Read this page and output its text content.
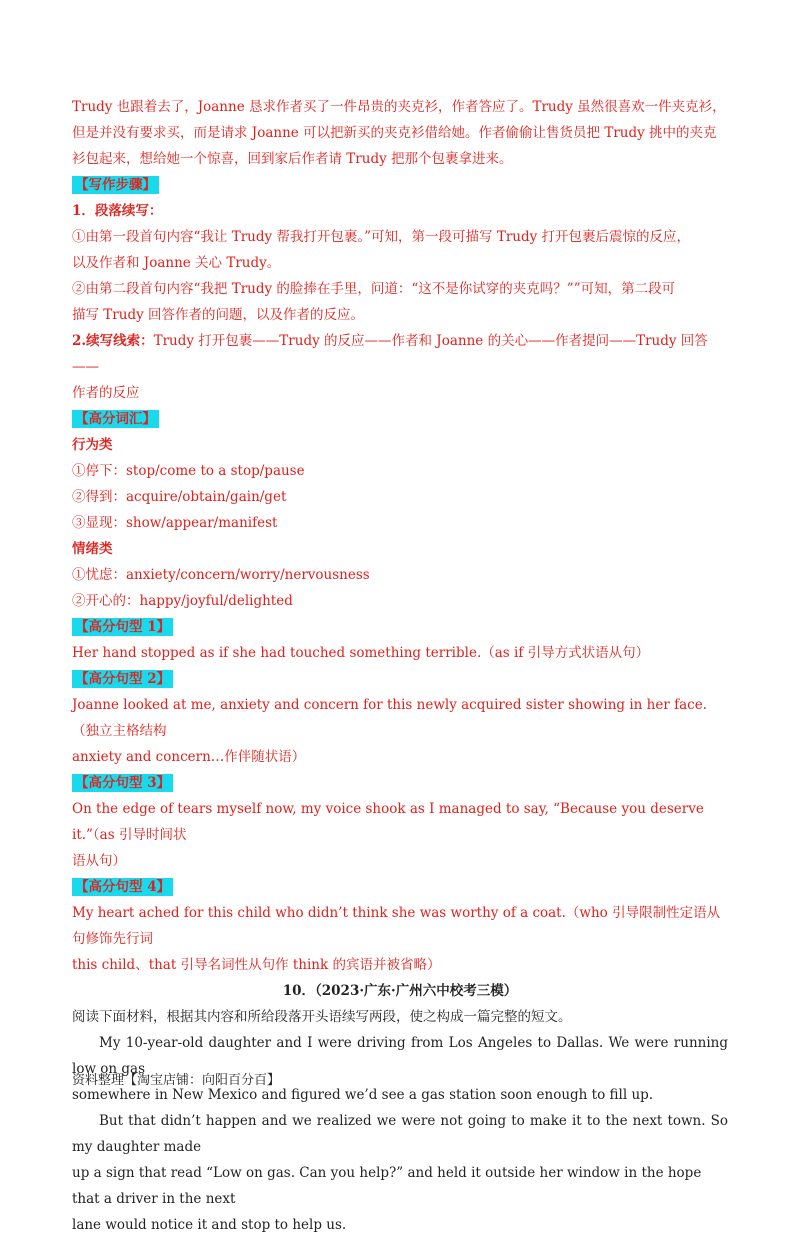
Trudy 也跟着去了，Joanne 恳求作者买了一件昂贵的夹克衫，作者答应了。Trudy 虽然很喜欢一件夹克衫，

但是并没有要求买，而是请求 Joanne 可以把新买的夹克衫借给她。作者偷偷让售货员把 Trudy 挑中的夹克

衫包起来，想给她一个惊喜，回到家后作者请 Trudy 把那个包裹拿进来。

【写作步骤】

1．段落续写：

①由第一段首句内容“我让 Trudy 帮我打开包裹。”可知，第一段可描写 Trudy 打开包裹后震惊的反应，

以及作者和 Joanne 关心 Trudy。

②由第二段首句内容“我把 Trudy 的脸捧在手里，问道：“这不是你试穿的夹克吗？””可知，第二段可

描写 Trudy 回答作者的问题，以及作者的反应。

2.续写线索：Trudy 打开包裹——Trudy 的反应——作者和 Joanne 的关心——作者提问——Trudy 回答——

作者的反应

【高分词汇】

行为类

①停下：stop/come to a stop/pause

②得到：acquire/obtain/gain/get

③显现：show/appear/manifest

情绪类

①忧虑：anxiety/concern/worry/nervousness

②开心的：happy/joyful/delighted

【高分句型 1】

Her hand stopped as if she had touched something terrible.（as if 引导方式状语从句）

【高分句型 2】

Joanne looked at me, anxiety and concern for this newly acquired sister showing in her face.（独立主格结构

anxiety and concern…作伴随状语）

【高分句型 3】

On the edge of tears myself now, my voice shook as I managed to say, “Because you deserve it.”（as 引导时间状

语从句）

【高分句型 4】

My heart ached for this child who didn’t think she was worthy of a coat.（who 引导限制性定语从句修饰先行词

this child、that 引导名词性从句作 think 的宾语并被省略）

10．（2023·广东·广州六中校考三模）

阅读下面材料，根据其内容和所给段落开头语续写两段，使之构成一篇完整的短文。

My 10-year-old daughter and I were driving from Los Angeles to Dallas. We were running low on gas

somewhere in New Mexico and figured we’d see a gas station soon enough to fill up.

But that didn’t happen and we realized we were not going to make it to the next town. So my daughter made

up a sign that read “Low on gas. Can you help?” and held it outside her window in the hope that a driver in the next

lane would notice it and stop to help us.

资料整理【淘宝店铺：向阳百分百】
